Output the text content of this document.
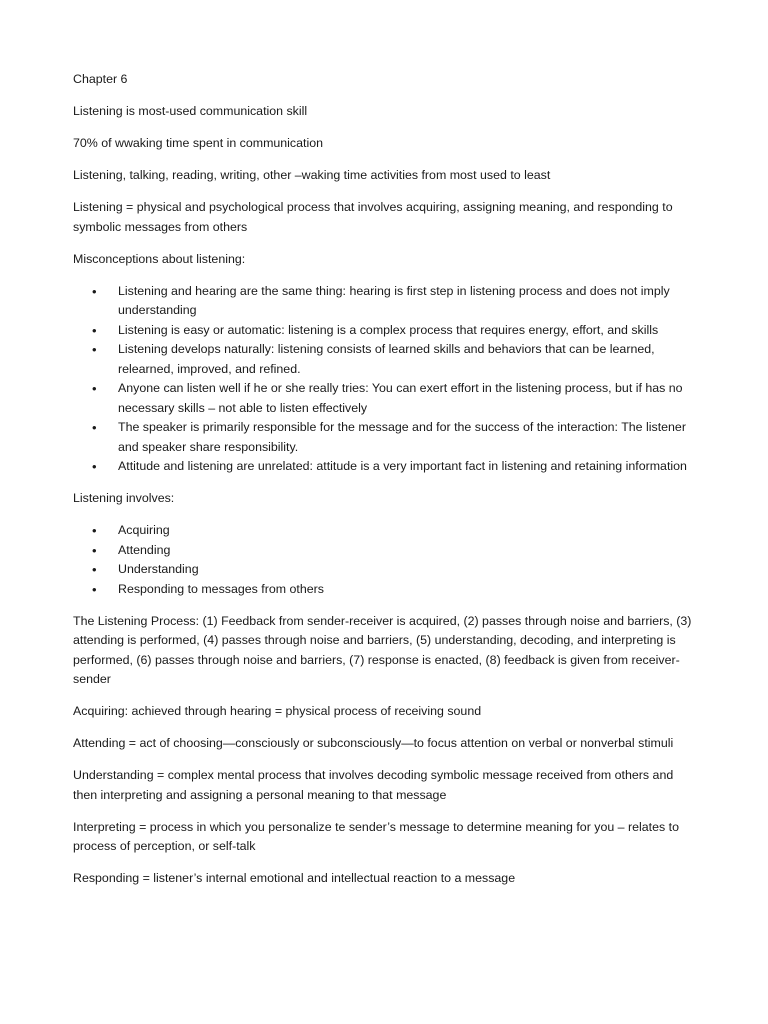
Chapter 6

Listening is most-used communication skill

70% of wwaking time spent in communication

Listening, talking, reading, writing, other –waking time activities from most used to least

Listening = physical and psychological process that involves acquiring, assigning meaning, and responding to symbolic messages from others

Misconceptions about listening:

•	Listening and hearing are the same thing: hearing is first step in listening process and does not imply understanding
•	Listening is easy or automatic: listening is a complex process that requires energy, effort, and skills
•	Listening develops naturally: listening consists of learned skills and behaviors that can be learned, relearned, improved, and refined.
•	Anyone can listen well if he or she really tries: You can exert effort in the listening process, but if has no necessary skills – not able to listen effectively
•	The speaker is primarily responsible for the message and for the success of the interaction: The listener and speaker share responsibility.
•	Attitude and listening are unrelated: attitude is a very important fact in listening and retaining information

Listening involves:

•	Acquiring
•	Attending
•	Understanding
•	Responding to messages from others

The Listening Process: (1) Feedback from sender-receiver is acquired, (2) passes through noise and barriers, (3) attending is performed, (4) passes through noise and barriers, (5) understanding, decoding, and interpreting is performed, (6) passes through noise and barriers, (7) response is enacted, (8) feedback is given from receiver-sender

Acquiring: achieved through hearing = physical process of receiving sound

Attending = act of choosing—consciously or subconsciously—to focus attention on verbal or nonverbal stimuli

Understanding = complex mental process that involves decoding symbolic message received from others and then interpreting and assigning a personal meaning to that message

Interpreting = process in which you personalize te sender’s message to determine meaning for you – relates to process of perception, or self-talk

Responding = listener’s internal emotional and intellectual reaction to a message
